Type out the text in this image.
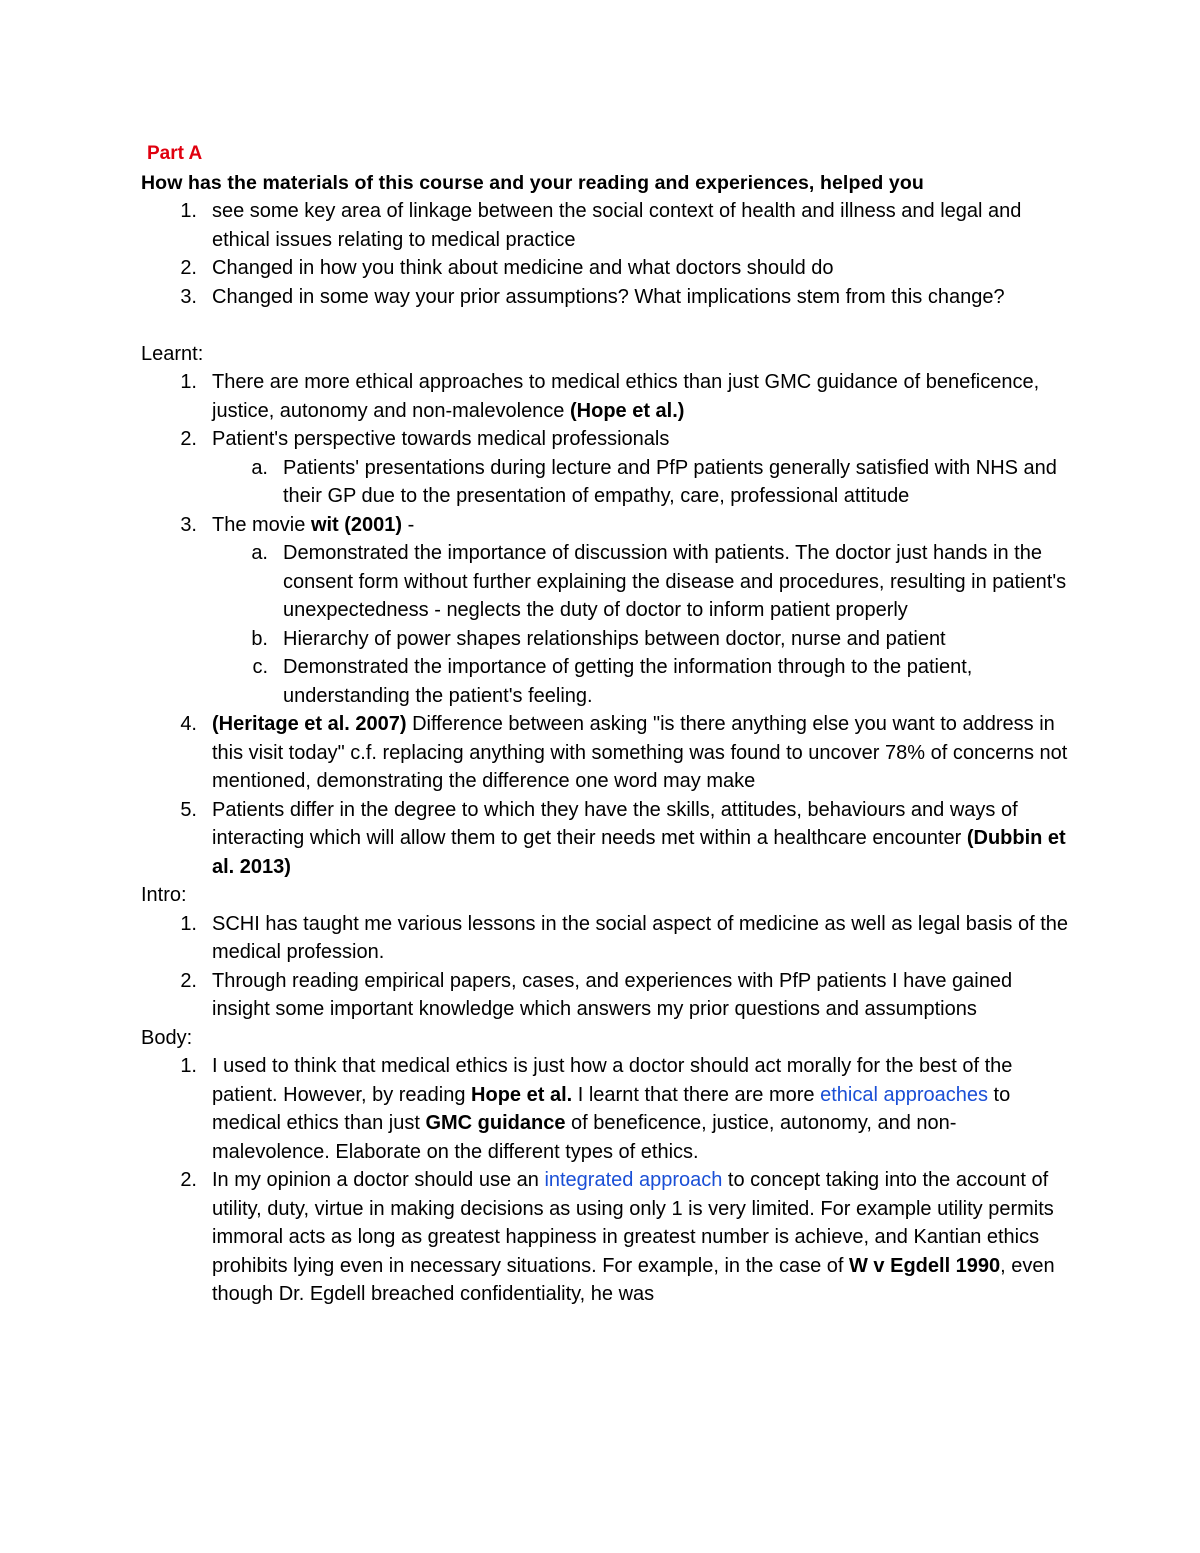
Part A
How has the materials of this course and your reading and experiences, helped you
1. see some key area of linkage between the social context of health and illness and legal and ethical issues relating to medical practice
2. Changed in how you think about medicine and what doctors should do
3. Changed in some way your prior assumptions? What implications stem from this change?
Learnt:
1. There are more ethical approaches to medical ethics than just GMC guidance of beneficence, justice, autonomy and non-malevolence (Hope et al.)
2. Patient's perspective towards medical professionals
a. Patients' presentations during lecture and PfP patients generally satisfied with NHS and their GP due to the presentation of empathy, care, professional attitude
3. The movie wit (2001) -
a. Demonstrated the importance of discussion with patients. The doctor just hands in the consent form without further explaining the disease and procedures, resulting in patient's unexpectedness - neglects the duty of doctor to inform patient properly
b. Hierarchy of power shapes relationships between doctor, nurse and patient
c. Demonstrated the importance of getting the information through to the patient, understanding the patient's feeling.
4. (Heritage et al. 2007) Difference between asking "is there anything else you want to address in this visit today" c.f. replacing anything with something was found to uncover 78% of concerns not mentioned, demonstrating the difference one word may make
5. Patients differ in the degree to which they have the skills, attitudes, behaviours and ways of interacting which will allow them to get their needs met within a healthcare encounter (Dubbin et al. 2013)
Intro:
1. SCHI has taught me various lessons in the social aspect of medicine as well as legal basis of the medical profession.
2. Through reading empirical papers, cases, and experiences with PfP patients I have gained insight some important knowledge which answers my prior questions and assumptions
Body:
1. I used to think that medical ethics is just how a doctor should act morally for the best of the patient. However, by reading Hope et al. I learnt that there are more ethical approaches to medical ethics than just GMC guidance of beneficence, justice, autonomy, and non-malevolence. Elaborate on the different types of ethics.
2. In my opinion a doctor should use an integrated approach to concept taking into the account of utility, duty, virtue in making decisions as using only 1 is very limited. For example utility permits immoral acts as long as greatest happiness in greatest number is achieve, and Kantian ethics prohibits lying even in necessary situations. For example, in the case of W v Egdell 1990, even though Dr. Egdell breached confidentiality, he was
